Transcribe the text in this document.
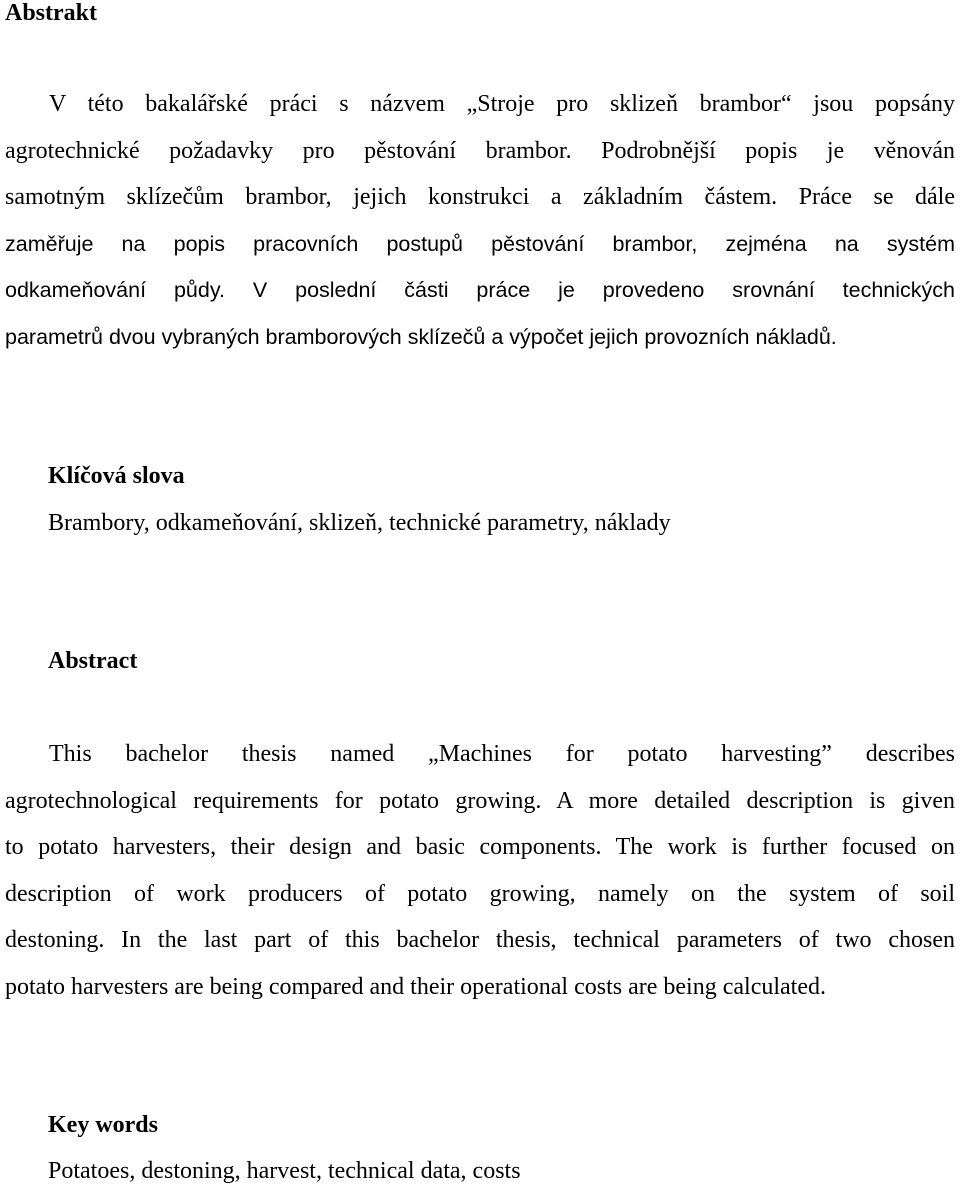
Abstrakt
V této bakalářské práci s názvem „Stroje pro sklizeň brambor“ jsou popsány
agrotechnické požadavky pro pěstování brambor. Podrobnější popis je věnován
samotným sklízečům brambor, jejich konstrukci a základním částem. Práce se dále
zaměřuje na popis pracovních postupů pěstování brambor, zejména na systém
odkameňování půdy. V poslední části práce je provedeno srovnání technických
parametrů dvou vybraných bramborových sklízečů a výpočet jejich provozních nákladů.
Klíčová slova

Brambory, odkameňování, sklizeň, technické parametry, náklady

Abstract
This bachelor thesis named „Machines for potato harvesting” describes
agrotechnological requirements for potato growing. A more detailed description is given
to potato harvesters, their design and basic components. The work is further focused on
description of work producers of potato growing, namely on the system of soil
destoning. In the last part of this bachelor thesis, technical parameters of two chosen
potato harvesters are being compared and their operational costs are being calculated.
Key words

Potatoes, destoning, harvest, technical data, costs
